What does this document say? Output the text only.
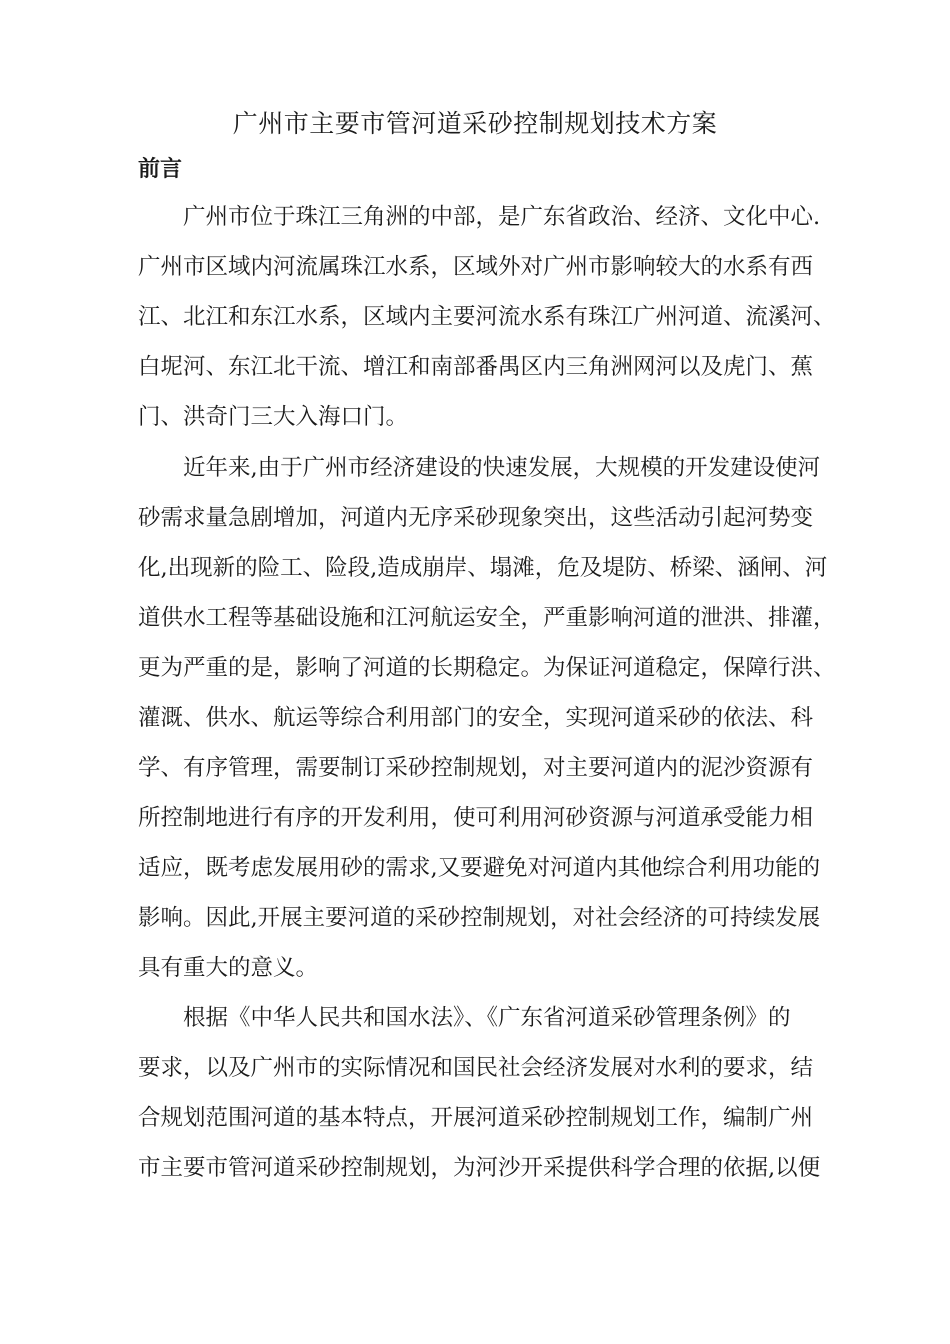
广州市主要市管河道采砂控制规划技术方案
前言
广州市位于珠江三角洲的中部，是广东省政治、经济、文化中心.
广州市区域内河流属珠江水系，区域外对广州市影响较大的水系有西
江、北江和东江水系，区域内主要河流水系有珠江广州河道、流溪河、
白坭河、东江北干流、增江和南部番禺区内三角洲网河以及虎门、蕉
门、洪奇门三大入海口门。
近年来,由于广州市经济建设的快速发展，大规模的开发建设使河
砂需求量急剧增加，河道内无序采砂现象突出，这些活动引起河势变
化,出现新的险工、险段,造成崩岸、塌滩，危及堤防、桥梁、涵闸、河
道供水工程等基础设施和江河航运安全，严重影响河道的泄洪、排灌，
更为严重的是，影响了河道的长期稳定。为保证河道稳定，保障行洪、
灌溉、供水、航运等综合利用部门的安全，实现河道采砂的依法、科
学、有序管理，需要制订采砂控制规划，对主要河道内的泥沙资源有
所控制地进行有序的开发利用，使可利用河砂资源与河道承受能力相
适应，既考虑发展用砂的需求,又要避免对河道内其他综合利用功能的
影响。因此,开展主要河道的采砂控制规划，对社会经济的可持续发展
具有重大的意义。
根据《中华人民共和国水法》、《广东省河道采砂管理条例》的
要求，以及广州市的实际情况和国民社会经济发展对水利的要求，结
合规划范围河道的基本特点，开展河道采砂控制规划工作，编制广州
市主要市管河道采砂控制规划，为河沙开采提供科学合理的依据,以便
